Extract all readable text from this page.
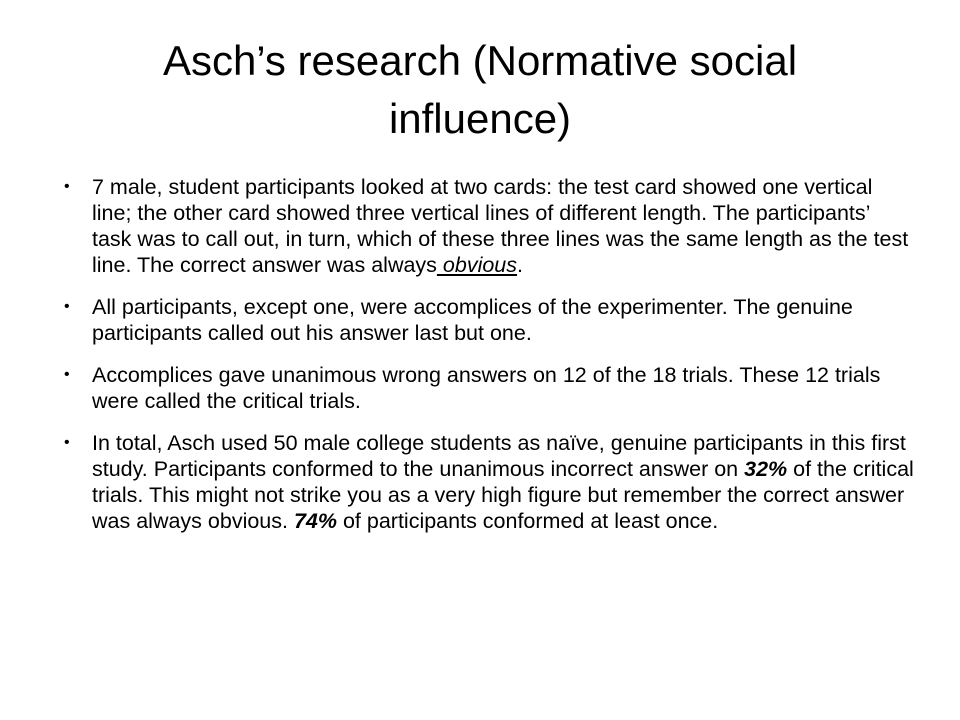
Asch’s research (Normative social influence)
•	7 male, student participants looked at two cards: the test card showed one vertical line; the other card showed three vertical lines of different length. The participants’ task was to call out, in turn, which of these three lines was the same length as the test line. The correct answer was always obvious.
•	All participants, except one, were accomplices of the experimenter. The genuine participants called out his answer last but one.
•	Accomplices gave unanimous wrong answers on 12 of the 18 trials. These 12 trials were called the critical trials.
•	In total, Asch used 50 male college students as naïve, genuine participants in this first study. Participants conformed to the unanimous incorrect answer on 32% of the critical trials. This might not strike you as a very high figure but remember the correct answer was always obvious. 74% of participants conformed at least once.
